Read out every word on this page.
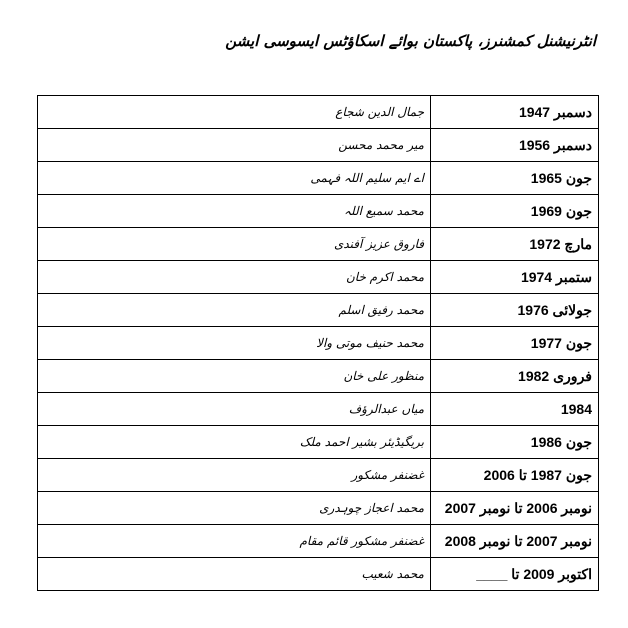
انٹرنیشنل کمشنرز، پاکستان بوائے اسکاؤٹس ایسوسی ایشن
دسمبر 1947	جمال الدین شجاع
دسمبر 1956	میر محمد محسن
جون 1965	اے ایم سلیم اللہ فہمی
جون 1969	محمد سمیع اللہ
مارچ 1972	فاروق عزیز آفندی
ستمبر 1974	محمد اکرم خان
جولائی 1976	محمد رفیق اسلم
جون 1977	محمد حنیف موتی والا
فروری 1982	منظور علی خان
1984	میاں عبدالرؤف
جون 1986	بریگیڈیئر بشیر احمد ملک
جون 1987 تا 2006	غضنفر مشکور
نومبر 2006 تا نومبر 2007	محمد اعجاز چوہدری
نومبر 2007 تا نومبر 2008	غضنفر مشکور قائم مقام
اکتوبر 2009 تا ____	محمد شعیب
